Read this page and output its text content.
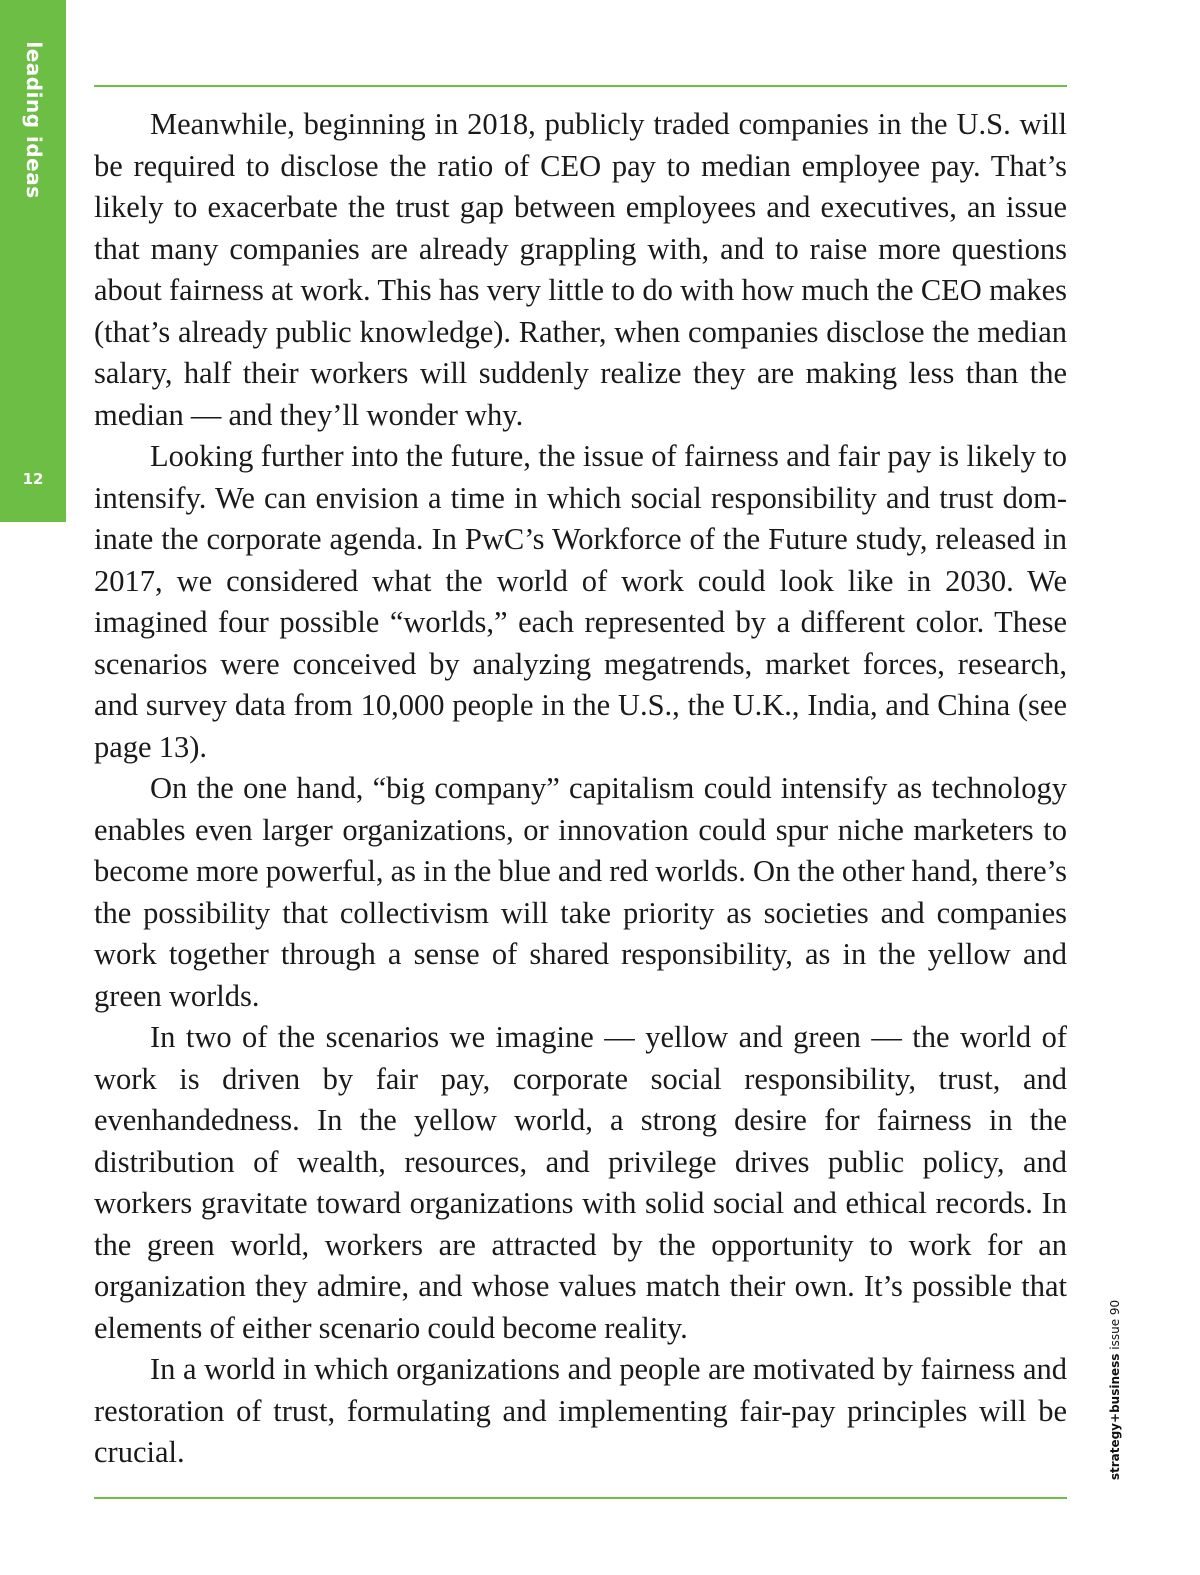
leading ideas
12

Meanwhile, beginning in 2018, publicly traded companies in the U.S. will be required to disclose the ratio of CEO pay to median employee pay. That’s likely to exacerbate the trust gap between employees and executives, an issue that many companies are already grappling with, and to raise more questions about fairness at work. This has very little to do with how much the CEO makes (that’s already public knowledge). Rather, when companies disclose the median salary, half their workers will suddenly realize they are making less than the median — and they’ll wonder why.

Looking further into the future, the issue of fairness and fair pay is likely to intensify. We can envision a time in which social responsibility and trust dominate the corporate agenda. In PwC’s Workforce of the Future study, released in 2017, we considered what the world of work could look like in 2030. We imagined four possible “worlds,” each represented by a different color. These scenarios were conceived by analyzing megatrends, market forces, research, and survey data from 10,000 people in the U.S., the U.K., India, and China (see page 13).

On the one hand, “big company” capitalism could intensify as technology enables even larger organizations, or innovation could spur niche marketers to become more powerful, as in the blue and red worlds. On the other hand, there’s the possibility that collectivism will take priority as societies and companies work together through a sense of shared responsibility, as in the yellow and green worlds.

In two of the scenarios we imagine — yellow and green — the world of work is driven by fair pay, corporate social responsibility, trust, and evenhandedness. In the yellow world, a strong desire for fairness in the distribution of wealth, resources, and privilege drives public policy, and workers gravitate toward organizations with solid social and ethical records. In the green world, workers are attracted by the opportunity to work for an organization they admire, and whose values match their own. It’s possible that elements of either scenario could become reality.

In a world in which organizations and people are motivated by fairness and restoration of trust, formulating and implementing fair-pay principles will be crucial.	strategy+business issue 90
